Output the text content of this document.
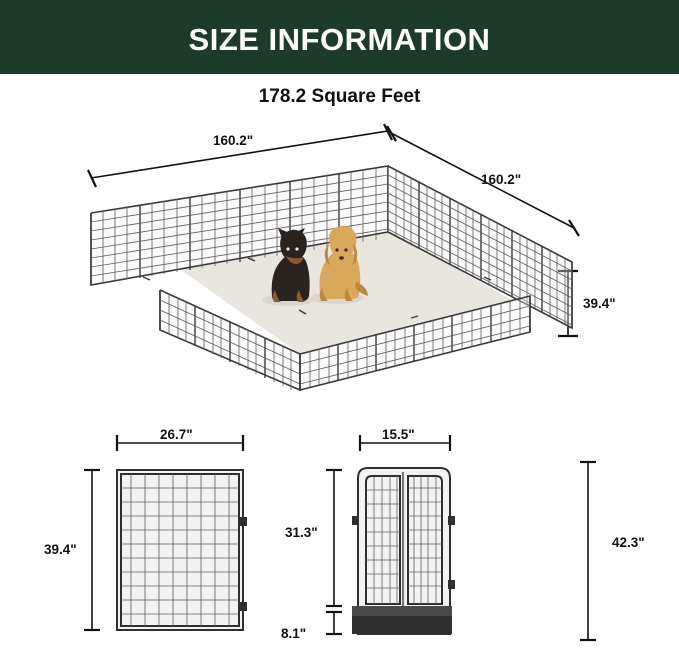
SIZE INFORMATION
178.2 Square Feet
160.2"
160.2"
39.4"
26.7"
39.4"
15.5"
31.3"
8.1"
42.3"
